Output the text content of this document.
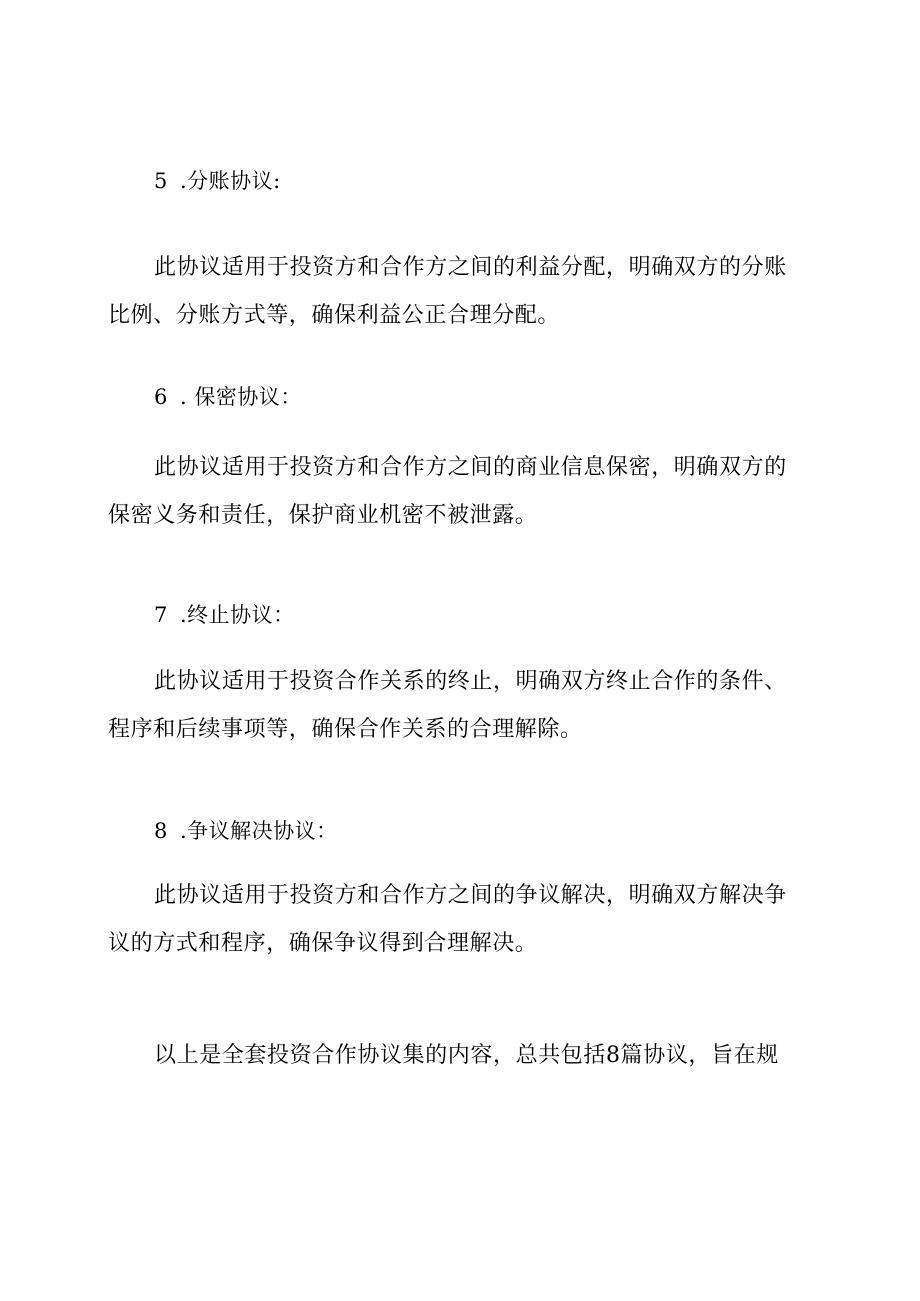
5 .分账协议:
此协议适用于投资方和合作方之间的利益分配，明确双方的分账
比例、分账方式等，确保利益公正合理分配。
6 . 保密协议：
此协议适用于投资方和合作方之间的商业信息保密，明确双方的
保密义务和责任，保护商业机密不被泄露。
7 .终止协议：
此协议适用于投资合作关系的终止，明确双方终止合作的条件、
程序和后续事项等，确保合作关系的合理解除。
8 .争议解决协议：
此协议适用于投资方和合作方之间的争议解决，明确双方解决争
议的方式和程序，确保争议得到合理解决。
以上是全套投资合作协议集的内容，总共包括8篇协议，旨在规
